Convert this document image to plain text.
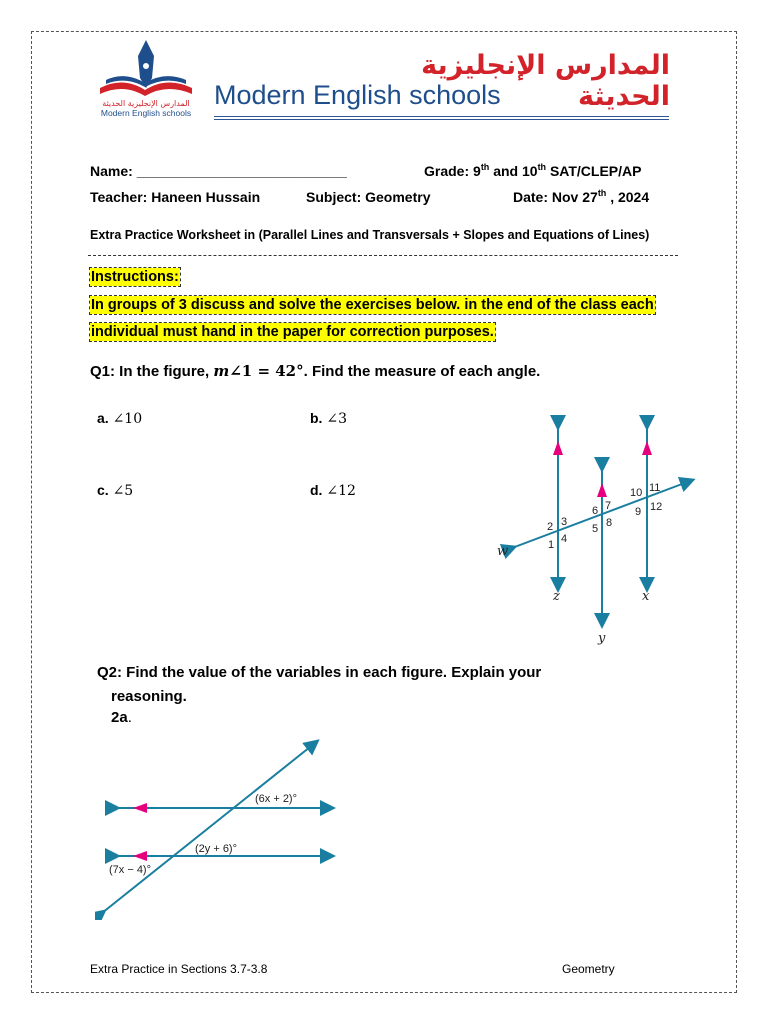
المدارس الإنجليزية الحديثة
Modern English schools
المدارس الإنجليزية الحديثة
Modern English schools
Name: ___________________________	Grade: 9th and 10th SAT/CLEP/AP
Teacher: Haneen Hussain	Subject: Geometry	Date: Nov 27th , 2024
Extra Practice Worksheet in (Parallel Lines and Transversals + Slopes and Equations of Lines)
Instructions:
In groups of 3 discuss and solve the exercises below. in the end of the class each
individual must hand in the paper for correction purposes.
Q1: In the figure, m∠1 = 42°. Find the measure of each angle.
a. ∠10	b. ∠3
c. ∠5	d. ∠12
1
2 3
4
5
6 7
8
9
10 11
12
w
z
y
x
Q2: Find the value of the variables in each figure. Explain your
reasoning.
2a.
(6x + 2)°
(2y + 6)°
(7x − 4)°
Extra Practice in Sections 3.7-3.8	Geometry
